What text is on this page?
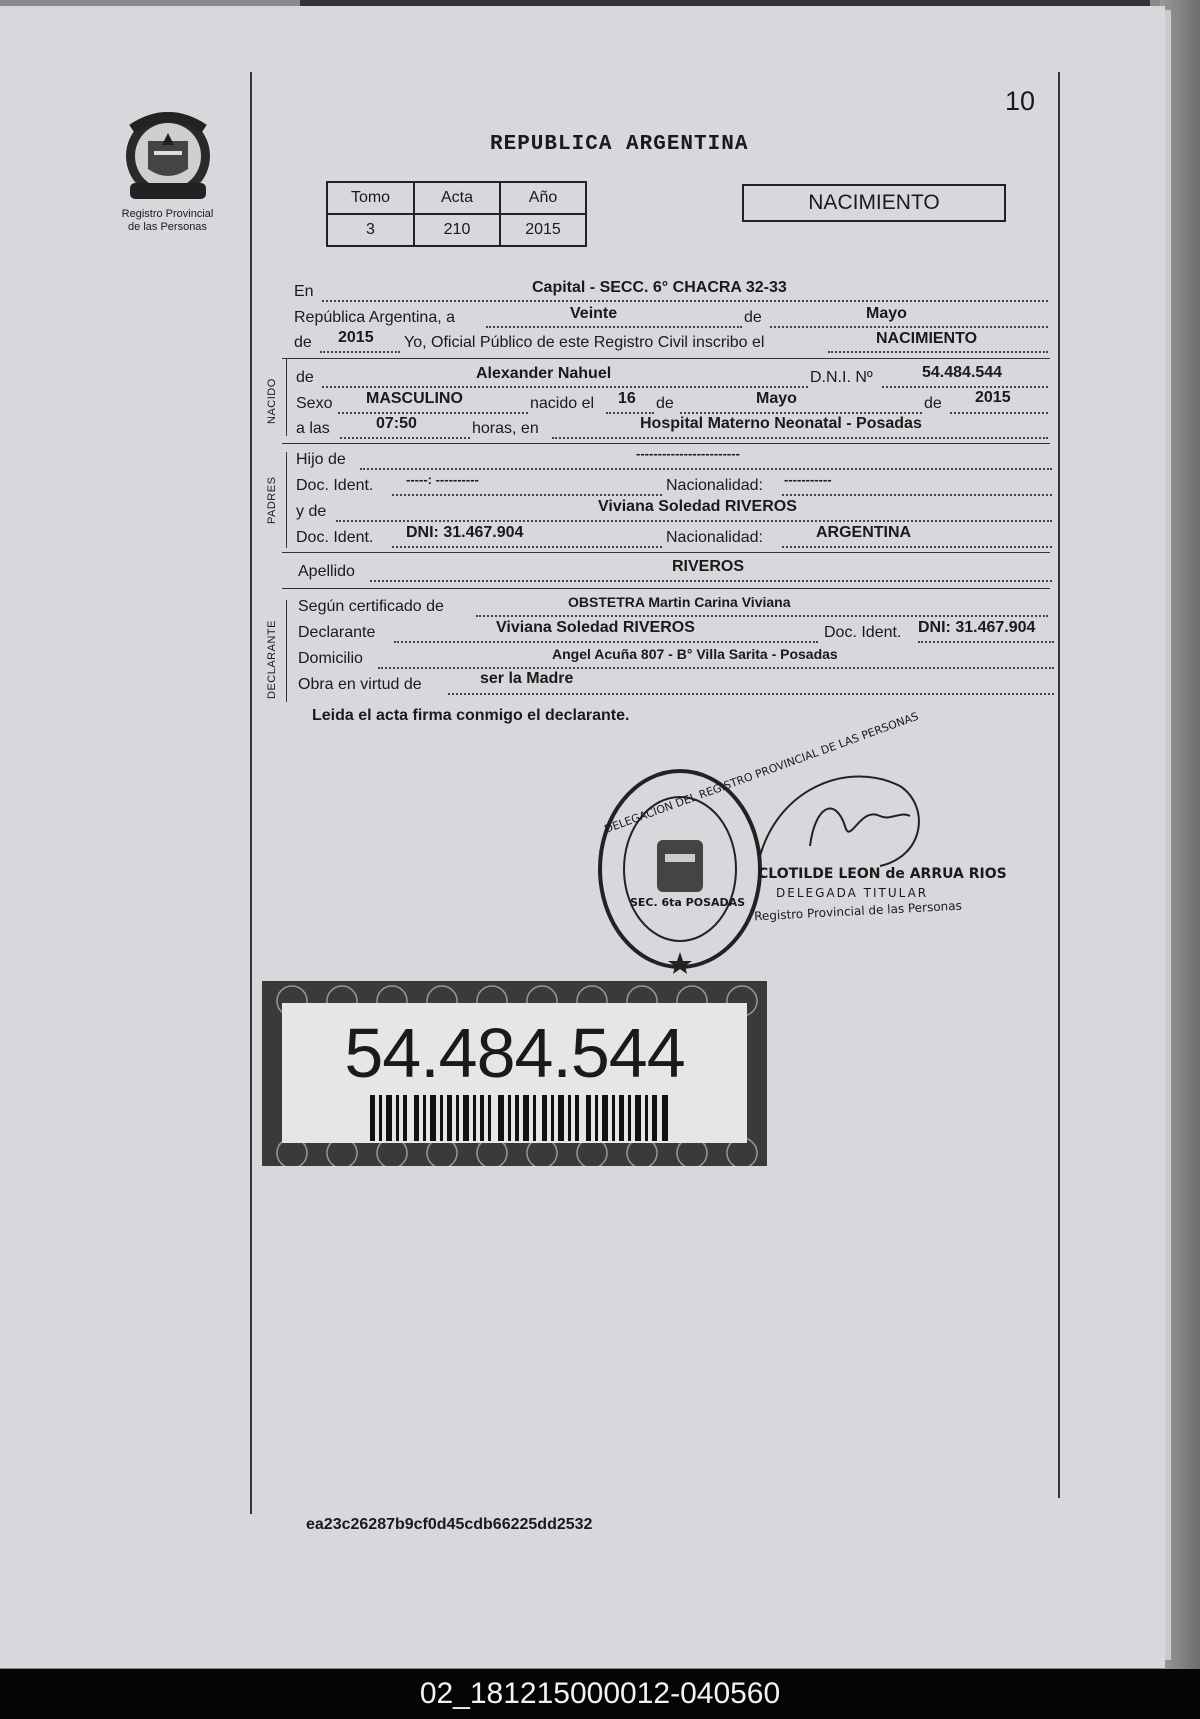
10
Registro Provincial
de las Personas
REPUBLICA ARGENTINA
Tomo	Acta	Año
3	210	2015
NACIMIENTO
En	Capital - SECC. 6° CHACRA 32-33
República Argentina, a	Veinte	de	Mayo
de 2015 Yo, Oficial Público de este Registro Civil inscribo el	NACIMIENTO
NACIDO
de	Alexander Nahuel	D.N.I. Nº	54.484.544
Sexo MASCULINO	nacido el 16 de	Mayo	de 2015
a las	07:50	horas, en	Hospital Materno Neonatal - Posadas
PADRES
Hijo de	------------------------
Doc. Ident.	-----: ----------	Nacionalidad: -----------
y de	Viviana Soledad RIVEROS
Doc. Ident. DNI: 31.467.904	Nacionalidad:	ARGENTINA
Apellido	RIVEROS
DECLARANTE
Según certificado de	OBSTETRA Martin Carina Viviana
Declarante	Viviana Soledad RIVEROS	Doc. Ident. DNI: 31.467.904
Domicilio	Angel Acuña 807 - B° Villa Sarita - Posadas
Obra en virtud de	ser la Madre
Leida el acta firma conmigo el declarante.
DELEGACION DEL REGISTRO PROVINCIAL DE LAS PERSONAS
SEC. 6ta POSADAS
CLOTILDE LEON de ARRUA RIOS
DELEGADA TITULAR
Registro Provincial de las Personas
54.484.544
ea23c26287b9cf0d45cdb66225dd2532
02_181215000012-040560
